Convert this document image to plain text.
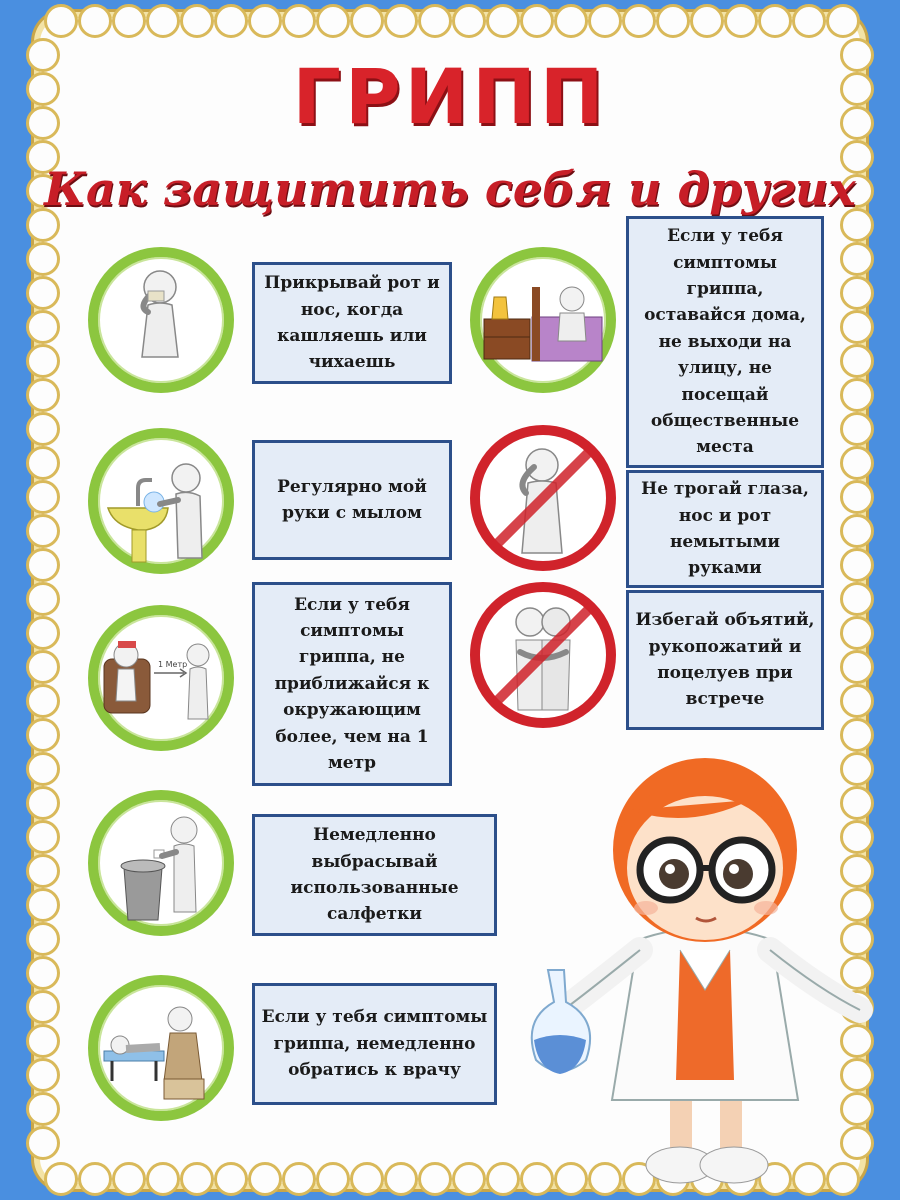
ГРИПП
Как защитить себя и других
Прикрывай рот и нос, когда кашляешь или чихаешь
Регулярно мой руки с мылом
1 Метр
Если у тебя симптомы гриппа, не приближайся к окружающим более, чем на 1 метр
Немедленно выбрасывай использованные салфетки
Если у тебя симптомы гриппа, немедленно обратись к врачу
Если у тебя симптомы гриппа, оставайся дома, не выходи на улицу, не посещай общественные места
Не трогай глаза, нос и рот немытыми руками
Избегай объятий, рукопожатий и поцелуев при встрече
